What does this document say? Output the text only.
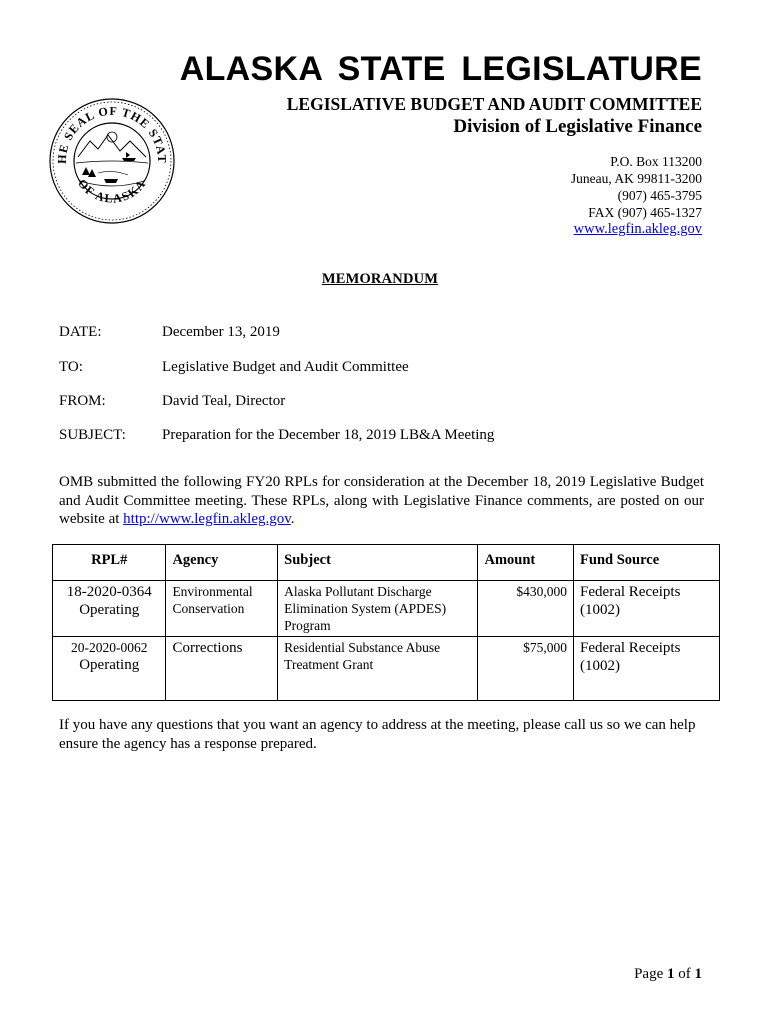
ALASKA STATE LEGISLATURE
LEGISLATIVE BUDGET AND AUDIT COMMITTEE
Division of Legislative Finance
P.O. Box 113200
Juneau, AK 99811-3200
(907) 465-3795
FAX (907) 465-1327
www.legfin.akleg.gov
HE SEAL OF THE STAT
OF ALASKA
MEMORANDUM
DATE:	December 13, 2019
TO:	Legislative Budget and Audit Committee
FROM:	David Teal, Director
SUBJECT: Preparation for the December 18, 2019 LB&A Meeting
OMB submitted the following FY20 RPLs for consideration at the December 18, 2019 Legislative Budget and Audit Committee meeting. These RPLs, along with Legislative Finance comments, are posted on our website at http://www.legfin.akleg.gov.
RPL#	Agency	Subject	Amount	Fund Source

18-2020-0364
Operating	Environmental Conservation	Alaska Pollutant Discharge Elimination System (APDES) Program	$430,000	Federal Receipts (1002)

20-2020-0062
Operating	Corrections	Residential Substance Abuse Treatment Grant	$75,000	Federal Receipts (1002)
If you have any questions that you want an agency to address at the meeting, please call us so we can help ensure the agency has a response prepared.
Page 1 of 1
